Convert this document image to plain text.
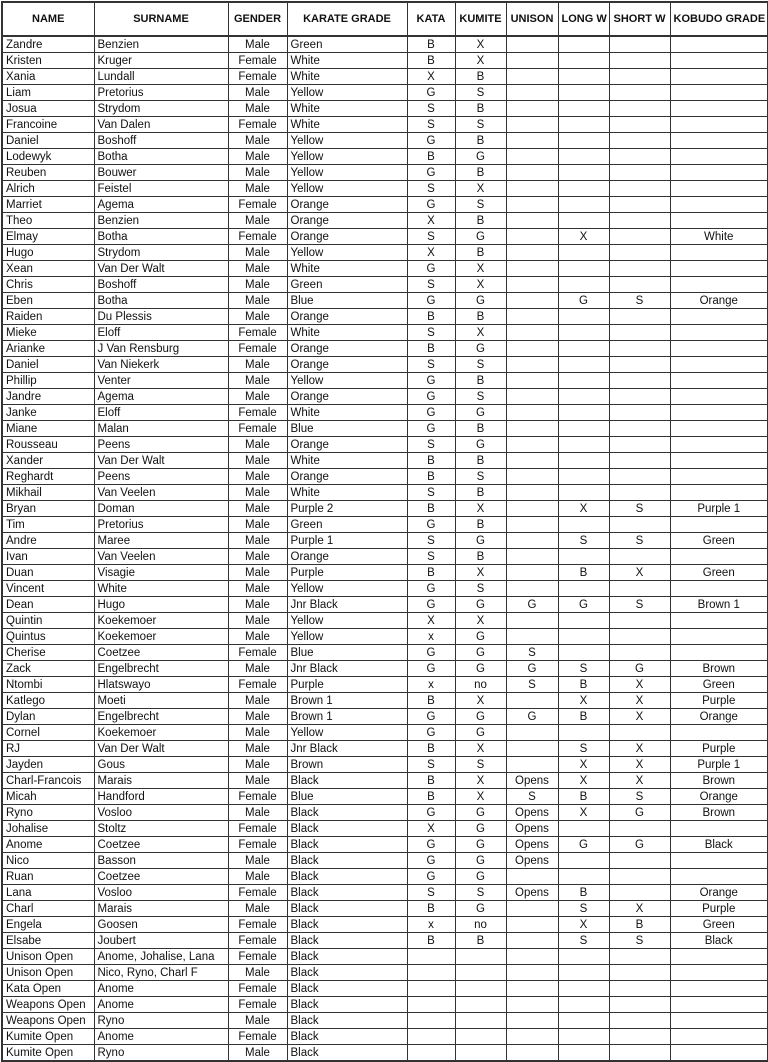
NAME	SURNAME	GENDER	KARATE GRADE	KATA	KUMITE	UNISON	LONG W	SHORT W	KOBUDO GRADE
Zandre	Benzien	Male	Green	B	X				
Kristen	Kruger	Female	White	B	X				
Xania	Lundall	Female	White	X	B				
Liam	Pretorius	Male	Yellow	G	S				
Josua	Strydom	Male	White	S	B				
Francoine	Van Dalen	Female	White	S	S				
Daniel	Boshoff	Male	Yellow	G	B				
Lodewyk	Botha	Male	Yellow	B	G				
Reuben	Bouwer	Male	Yellow	G	B				
Alrich	Feistel	Male	Yellow	S	X				
Marriet	Agema	Female	Orange	G	S				
Theo	Benzien	Male	Orange	X	B				
Elmay	Botha	Female	Orange	S	G		X		White
Hugo	Strydom	Male	Yellow	X	B				
Xean	Van Der Walt	Male	White	G	X				
Chris	Boshoff	Male	Green	S	X				
Eben	Botha	Male	Blue	G	G		G	S	Orange
Raiden	Du Plessis	Male	Orange	B	B				
Mieke	Eloff	Female	White	S	X				
Arianke	J Van Rensburg	Female	Orange	B	G				
Daniel	Van Niekerk	Male	Orange	S	S				
Phillip	Venter	Male	Yellow	G	B				
Jandre	Agema	Male	Orange	G	S				
Janke	Eloff	Female	White	G	G				
Miane	Malan	Female	Blue	G	B				
Rousseau	Peens	Male	Orange	S	G				
Xander	Van Der Walt	Male	White	B	B				
Reghardt	Peens	Male	Orange	B	S				
Mikhail	Van Veelen	Male	White	S	B				
Bryan	Doman	Male	Purple 2	B	X		X	S	Purple 1
Tim	Pretorius	Male	Green	G	B				
Andre	Maree	Male	Purple 1	S	G		S	S	Green
Ivan	Van Veelen	Male	Orange	S	B				
Duan	Visagie	Male	Purple	B	X		B	X	Green
Vincent	White	Male	Yellow	G	S				
Dean	Hugo	Male	Jnr Black	G	G	G	G	S	Brown 1
Quintin	Koekemoer	Male	Yellow	X	X				
Quintus	Koekemoer	Male	Yellow	x	G				
Cherise	Coetzee	Female	Blue	G	G	S			
Zack	Engelbrecht	Male	Jnr Black	G	G	G	S	G	Brown
Ntombi	Hlatswayo	Female	Purple	x	no	S	B	X	Green
Katlego	Moeti	Male	Brown 1	B	X		X	X	Purple
Dylan	Engelbrecht	Male	Brown 1	G	G	G	B	X	Orange
Cornel	Koekemoer	Male	Yellow	G	G				
RJ	Van Der Walt	Male	Jnr Black	B	X		S	X	Purple
Jayden	Gous	Male	Brown	S	S		X	X	Purple 1
Charl-Francois	Marais	Male	Black	B	X	Opens	X	X	Brown
Micah	Handford	Female	Blue	B	X	S	B	S	Orange
Ryno	Vosloo	Male	Black	G	G	Opens	X	G	Brown
Johalise	Stoltz	Female	Black	X	G	Opens			
Anome	Coetzee	Female	Black	G	G	Opens	G	G	Black
Nico	Basson	Male	Black	G	G	Opens			
Ruan	Coetzee	Male	Black	G	G				
Lana	Vosloo	Female	Black	S	S	Opens	B		Orange
Charl	Marais	Male	Black	B	G		S	X	Purple
Engela	Goosen	Female	Black	x	no		X	B	Green
Elsabe	Joubert	Female	Black	B	B		S	S	Black
Unison Open	Anome, Johalise, Lana	Female	Black						
Unison Open	Nico, Ryno, Charl F	Male	Black						
Kata Open	Anome	Female	Black						
Weapons Open	Anome	Female	Black						
Weapons Open	Ryno	Male	Black						
Kumite Open	Anome	Female	Black						
Kumite Open	Ryno	Male	Black						
